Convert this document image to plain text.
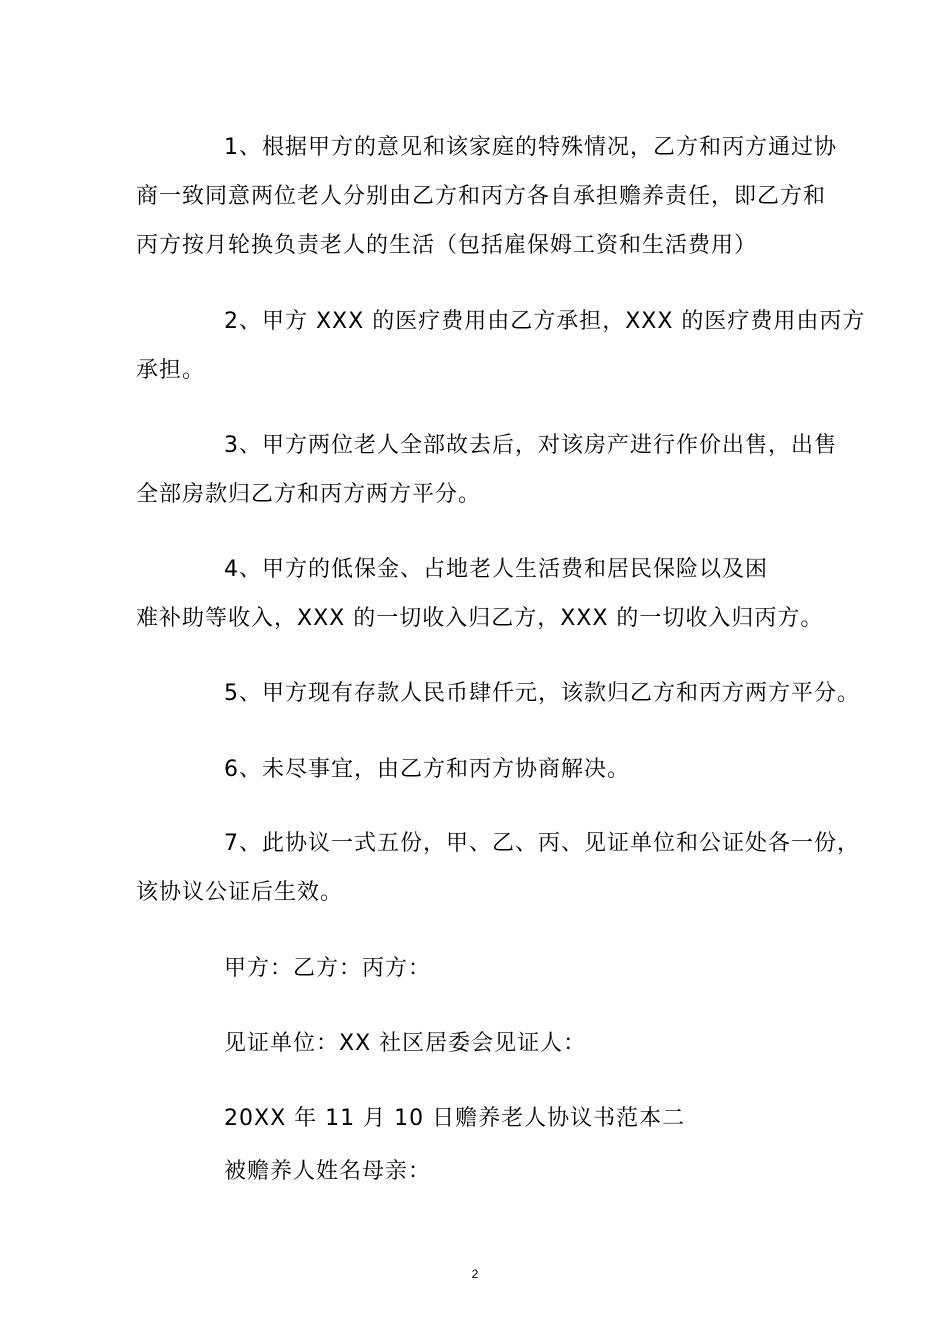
1、根据甲方的意见和该家庭的特殊情况，乙方和丙方通过协
商一致同意两位老人分别由乙方和丙方各自承担赡养责任，即乙方和
丙方按月轮换负责老人的生活（包括雇保姆工资和生活费用）
2、甲方 XXX 的医疗费用由乙方承担，XXX 的医疗费用由丙方
承担。
3、甲方两位老人全部故去后，对该房产进行作价出售，出售
全部房款归乙方和丙方两方平分。
4、甲方的低保金、占地老人生活费和居民保险以及困
难补助等收入，XXX 的一切收入归乙方，XXX 的一切收入归丙方。
5、甲方现有存款人民币肆仟元，该款归乙方和丙方两方平分。
6、未尽事宜，由乙方和丙方协商解决。
7、此协议一式五份，甲、乙、丙、见证单位和公证处各一份，
该协议公证后生效。
甲方：乙方：丙方：
见证单位：XX 社区居委会见证人：
20XX 年 11 月 10 日赡养老人协议书范本二
被赡养人姓名母亲：
2
